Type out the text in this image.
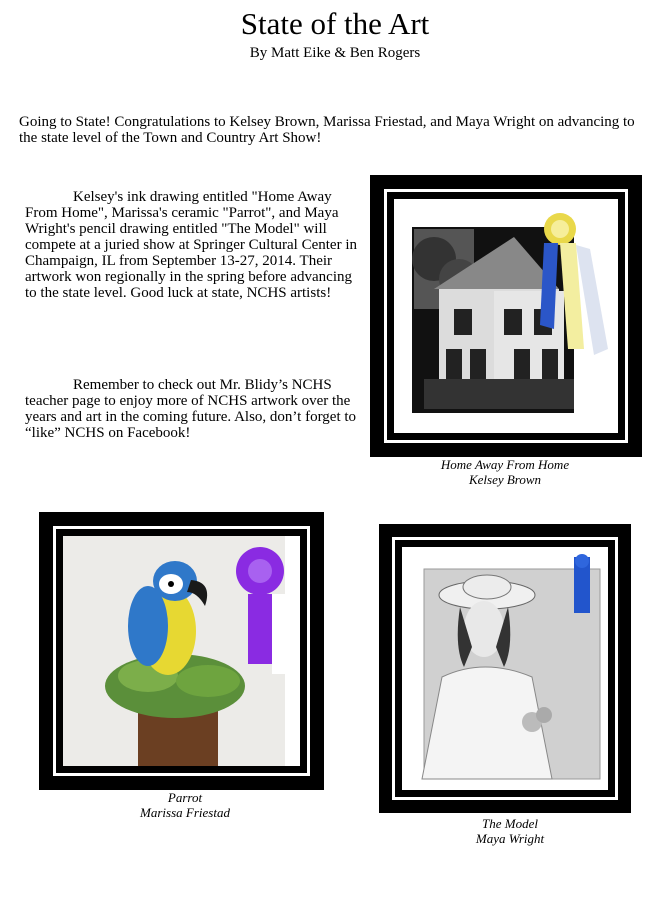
State of the Art
By Matt Eike & Ben Rogers
Going to State! Congratulations to Kelsey Brown, Marissa Friestad, and Maya Wright on advancing to the state level of the Town and Country Art Show!
Kelsey's ink drawing entitled "Home Away From Home", Marissa's ceramic "Parrot", and Maya Wright's pencil drawing entitled "The Model" will compete at a juried show at Springer Cultural Center in Champaign, IL from September 13-27, 2014. Their artwork won regionally in the spring before advancing to the state level. Good luck at state, NCHS artists!
Remember to check out Mr. Blidy’s NCHS teacher page to enjoy more of NCHS artwork over the years and art in the coming future. Also, don’t forget to “like” NCHS on Facebook!
Home Away From Home
Kelsey Brown
Parrot
Marissa Friestad
The Model
Maya Wright
